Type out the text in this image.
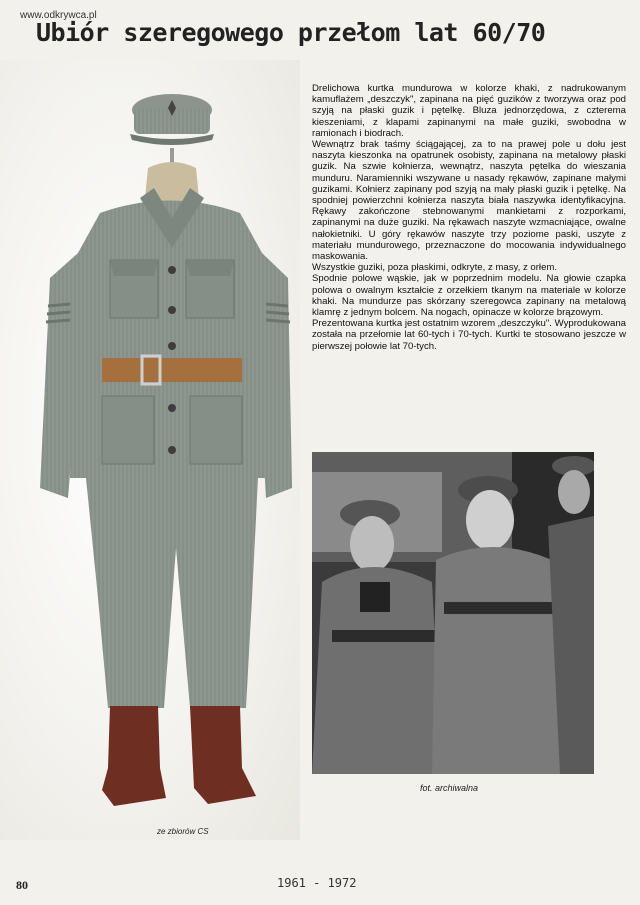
www.odkrywca.pl
Ubiór szeregowego przełom lat 60/70

Drelichowa kurtka mundurowa w kolorze khaki, z nadrukowanym kamuflażem „deszczyk", zapinana na pięć guzików z tworzywa oraz pod szyją na płaski guzik i pętelkę. Bluza jednorzędowa, z czterema kieszeniami, z klapami zapinanymi na małe guziki, swobodna w ramionach i biodrach.

Wewnątrz brak taśmy ściągającej, za to na prawej pole u dołu jest naszyta kieszonka na opatrunek osobisty, zapinana na metalowy płaski guzik. Na szwie kołnierza, wewnątrz, naszyta pętelka do wieszania munduru. Naramienniki wszywane u nasady rękawów, zapinane małymi guzikami. Kołnierz zapinany pod szyją na mały płaski guzik i pętelkę. Na spodniej powierzchni kołnierza naszyta biała naszywka identyfikacyjna. Rękawy zakończone stebnowanymi mankietami z rozporkami, zapinanymi na duże guziki. Na rękawach naszyte wzmacniające, owalne nałokietniki. U góry rękawów naszyte trzy poziome paski, uszyte z materiału mundurowego, przeznaczone do mocowania indywidualnego maskowania.

Wszystkie guziki, poza płaskimi, odkryte, z masy, z orłem.

Spodnie polowe wąskie, jak w poprzednim modelu. Na głowie czapka polowa o owalnym kształcie z orzełkiem tkanym na materiale w kolorze khaki. Na mundurze pas skórzany szeregowca zapinany na metalową klamrę z jednym bolcem. Na nogach, opinacze w kolorze brązowym.

Prezentowana kurtka jest ostatnim wzorem „deszczyku". Wyprodukowana została na przełomie lat 60-tych i 70-tych. Kurtki te stosowano jeszcze w pierwszej połowie lat 70-tych.

fot. archiwalna
ze zbiorów CS
80	1961 - 1972
